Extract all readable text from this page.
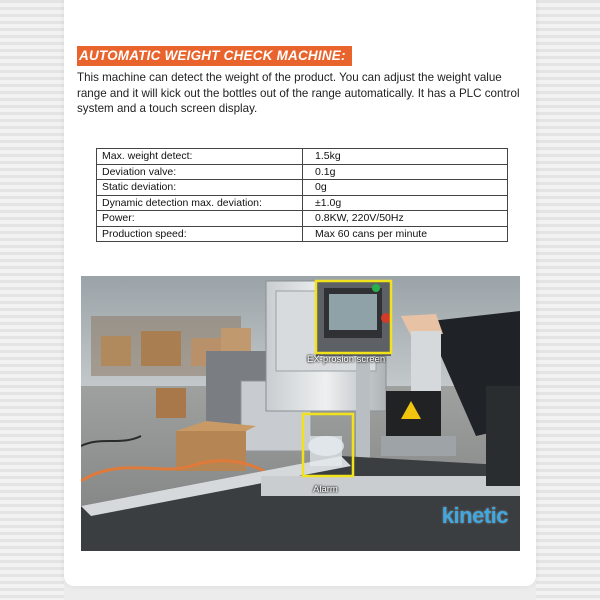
AUTOMATIC WEIGHT CHECK MACHINE:

This machine can detect the weight of the product. You can adjust the weight value range and it will kick out the bottles out of the range automatically. It has a PLC control system and a touch screen display.

Max. weight detect:	1.5kg
Deviation valve:	0.1g
Static deviation:	0g
Dynamic detection max. deviation:	±1.0g
Power:	0.8KW, 220V/50Hz
Production speed:	Max 60 cans per minute
EX-prosion screen
Alarm
kinetic
